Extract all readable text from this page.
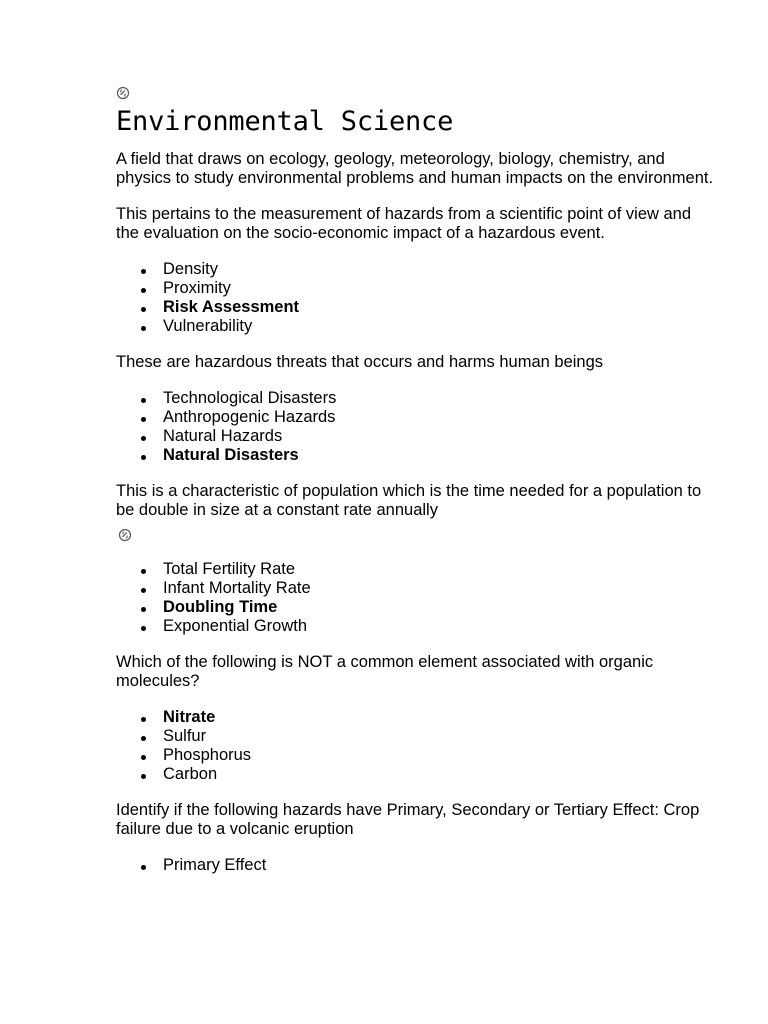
Environmental Science

A field that draws on ecology, geology, meteorology, biology, chemistry, and physics to study environmental problems and human impacts on the environment.

This pertains to the measurement of hazards from a scientific point of view and the evaluation on the socio-economic impact of a hazardous event.

Density
Proximity
Risk Assessment
Vulnerability

These are hazardous threats that occurs and harms human beings

Technological Disasters
Anthropogenic Hazards
Natural Hazards
Natural Disasters

This is a characteristic of population which is the time needed for a population to be double in size at a constant rate annually

Total Fertility Rate
Infant Mortality Rate
Doubling Time
Exponential Growth

Which of the following is NOT a common element associated with organic molecules?

Nitrate
Sulfur
Phosphorus
Carbon

Identify if the following hazards have Primary, Secondary or Tertiary Effect: Crop failure due to a volcanic eruption

Primary Effect
